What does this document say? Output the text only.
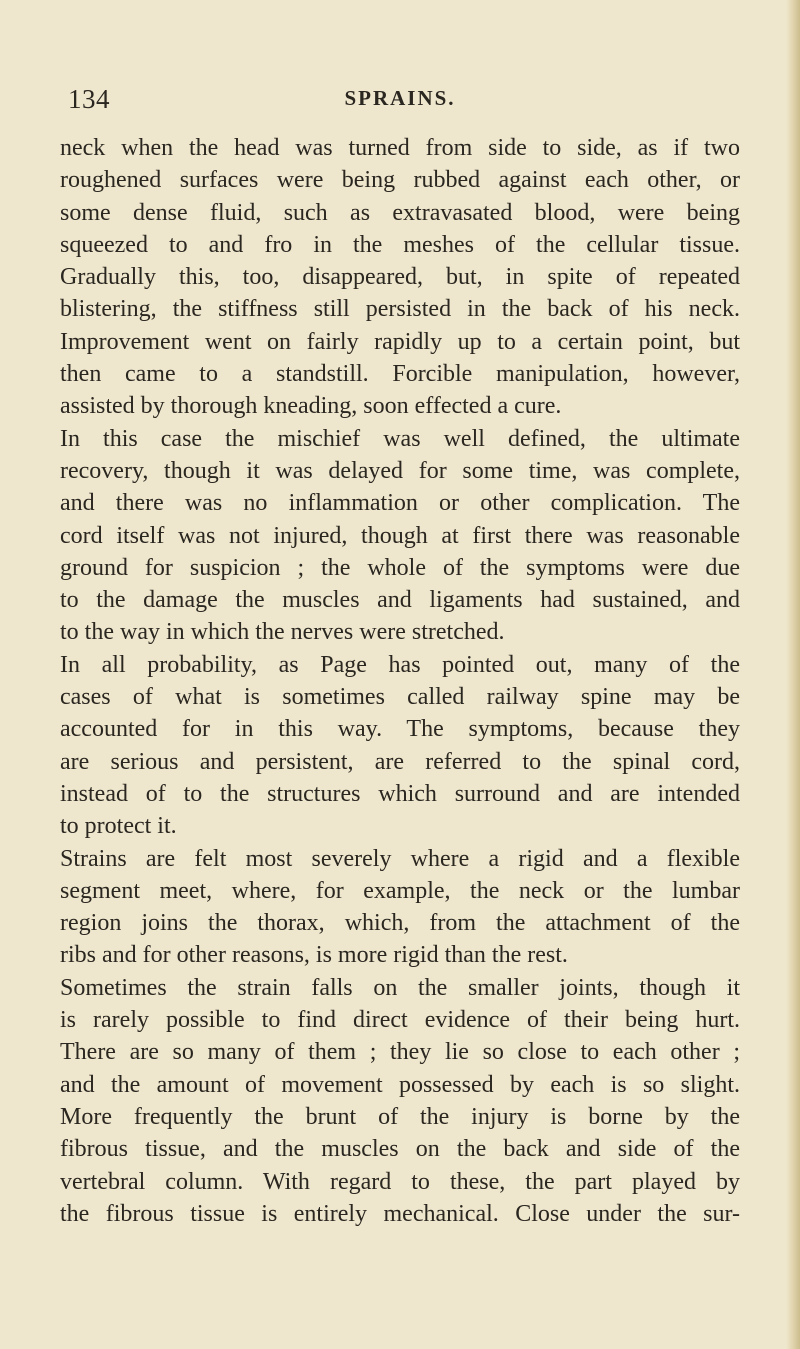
134	SPRAINS.
neck when the head was turned from side to side, as if two
roughened surfaces were being rubbed against each other, or
some dense fluid, such as extravasated blood, were being
squeezed to and fro in the meshes of the cellular tissue.
Gradually this, too, disappeared, but, in spite of repeated
blistering, the stiffness still persisted in the back of his neck.
Improvement went on fairly rapidly up to a certain point, but
then came to a standstill. Forcible manipulation, however,
assisted by thorough kneading, soon effected a cure.
In this case the mischief was well defined, the ultimate
recovery, though it was delayed for some time, was complete,
and there was no inflammation or other complication. The
cord itself was not injured, though at first there was reasonable
ground for suspicion ; the whole of the symptoms were due
to the damage the muscles and ligaments had sustained, and
to the way in which the nerves were stretched.
In all probability, as Page has pointed out, many of the
cases of what is sometimes called railway spine may be
accounted for in this way. The symptoms, because they
are serious and persistent, are referred to the spinal cord,
instead of to the structures which surround and are intended
to protect it.
Strains are felt most severely where a rigid and a flexible
segment meet, where, for example, the neck or the lumbar
region joins the thorax, which, from the attachment of the
ribs and for other reasons, is more rigid than the rest.
Sometimes the strain falls on the smaller joints, though it
is rarely possible to find direct evidence of their being hurt.
There are so many of them ; they lie so close to each other ;
and the amount of movement possessed by each is so slight.
More frequently the brunt of the injury is borne by the
fibrous tissue, and the muscles on the back and side of the
vertebral column. With regard to these, the part played by
the fibrous tissue is entirely mechanical. Close under the sur-
